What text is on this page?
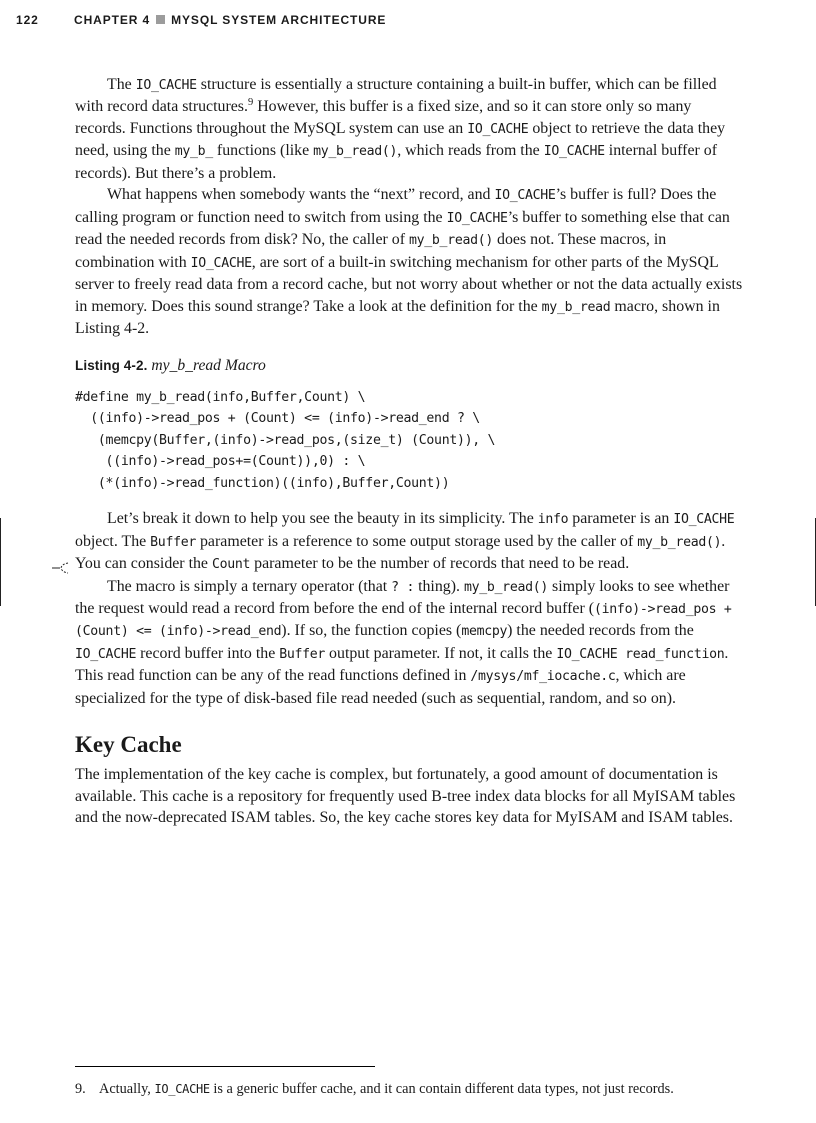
122	CHAPTER 4 MYSQL SYSTEM ARCHITECTURE

The IO_CACHE structure is essentially a structure containing a built-in buffer, which can be filled with record data structures.$^9$ However, this buffer is a fixed size, and so it can store only so many records. Functions throughout the MySQL system can use an IO_CACHE object to retrieve the data they need, using the my_b_ functions (like my_b_read(), which reads from the IO_CACHE internal buffer of records). But there’s a problem.

What happens when somebody wants the “next” record, and IO_CACHE’s buffer is full? Does the calling program or function need to switch from using the IO_CACHE’s buffer to something else that can read the needed records from disk? No, the caller of my_b_read() does not. These macros, in combination with IO_CACHE, are sort of a built-in switching mechanism for other parts of the MySQL server to freely read data from a record cache, but not worry about whether or not the data actually exists in memory. Does this sound strange? Take a look at the definition for the my_b_read macro, shown in Listing 4-2.

Listing 4-2. my_b_read Macro
#define my_b_read(info,Buffer,Count) \
((info)->read_pos + (Count) <= (info)->read_end ? \
(memcpy(Buffer,(info)->read_pos,(size_t) (Count)), \
((info)->read_pos+=(Count)),0) : \
(*(info)->read_function)((info),Buffer,Count))

Let’s break it down to help you see the beauty in its simplicity. The info parameter is an IO_CACHE object. The Buffer parameter is a reference to some output storage used by the caller of my_b_read(). You can consider the Count parameter to be the number of records that need to be read.

The macro is simply a ternary operator (that ? : thing). my_b_read() simply looks to see whether the request would read a record from before the end of the internal record buffer ((info)->read_pos + (Count) <= (info)->read_end). If so, the function copies (memcpy) the needed records from the IO_CACHE record buffer into the Buffer output parameter. If not, it calls the IO_CACHE read_function. This read function can be any of the read functions defined in /mysys/mf_iocache.c, which are specialized for the type of disk-based file read needed (such as sequential, random, and so on).

Key Cache

The implementation of the key cache is complex, but fortunately, a good amount of documentation is available. This cache is a repository for frequently used B-tree index data blocks for all MyISAM tables and the now-deprecated ISAM tables. So, the key cache stores key data for MyISAM and ISAM tables.

9. Actually, IO_CACHE is a generic buffer cache, and it can contain different data types, not just records.
